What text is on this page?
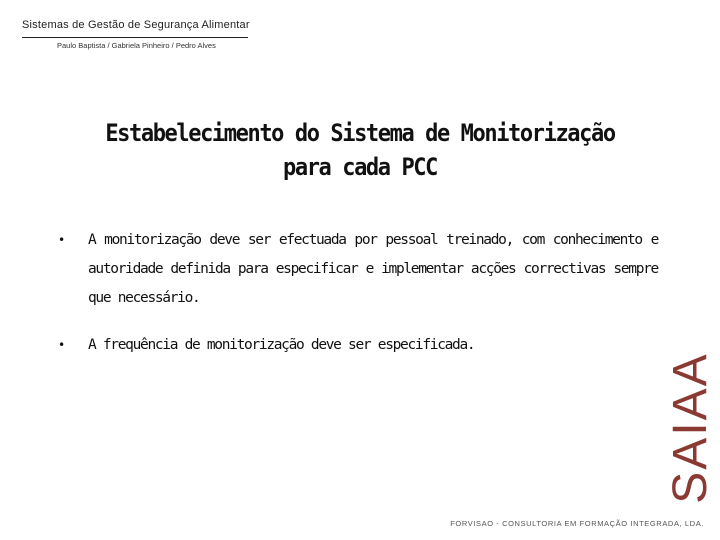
Sistemas de Gestão de Segurança Alimentar
Paulo Baptista / Gabriela Pinheiro / Pedro Alves
Estabelecimento do Sistema de Monitorização
para cada PCC
• A monitorização deve ser efectuada por pessoal treinado, com conhecimento e autoridade definida para especificar e implementar acções correctivas sempre que necessário.
• A frequência de monitorização deve ser especificada.
SAIAA
FORVISAO - CONSULTORIA EM FORMAÇÃO INTEGRADA, LDA.
